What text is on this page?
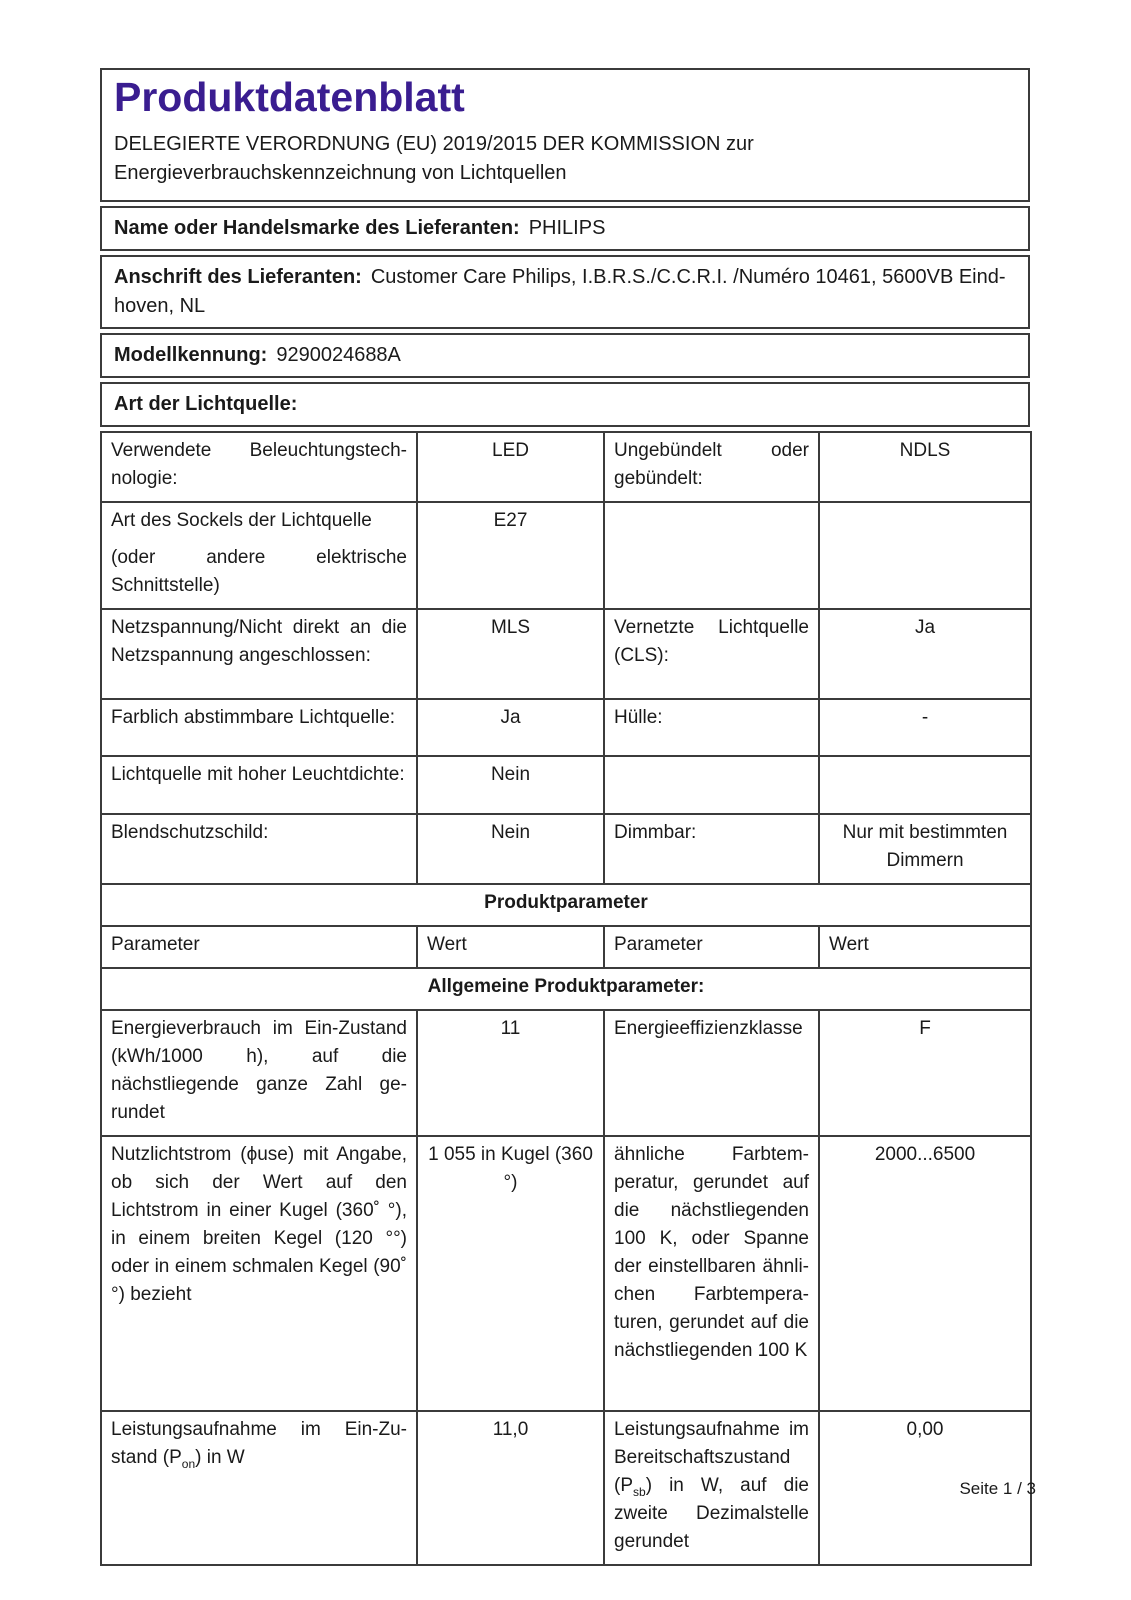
Produktdatenblatt

DELEGIERTE VERORDNUNG (EU) 2019/2015 DER KOMMISSION zur Energieverbrauchskennzeichnung von Lichtquellen

Name oder Handelsmarke des Lieferanten: PHILIPS
Anschrift des Lieferanten: Customer Care Philips, I.B.R.S./C.C.R.I. /Numéro 10461, 5600VB Eindhoven, NL
Modellkennung: 9290024688A
Art der Lichtquelle:
Verwendete Beleuchtungstechnologie:	LED	Ungebündelt oder gebündelt:	NDLS

Art des Sockels der Lichtquelle

(oder andere elektrische Schnittstelle)	E27		
Netzspannung/Nicht direkt an die Netzspannung angeschlossen:	MLS	Vernetzte Lichtquelle (CLS):	Ja
Farblich abstimmbare Lichtquelle:	Ja	Hülle:	-
Lichtquelle mit hoher Leuchtdichte:	Nein		
Blendschutzschild:	Nein	Dimmbar:	Nur mit bestimmten Dimmern
Produktparameter			
Parameter	Wert	Parameter	Wert
Allgemeine Produktparameter:			
Energieverbrauch im Ein-Zustand (kWh/1000 h), auf die nächstliegende ganze Zahl gerundet	11	Energieeffizienzklasse	F
Nutzlichtstrom (ϕuse) mit Angabe, ob sich der Wert auf den Lichtstrom in einer Kugel (360˚ °), in einem breiten Kegel (120 °°) oder in einem schmalen Kegel (90˚ °) bezieht	1 055 in Kugel (360 °)	ähnliche Farbtemperatur, gerundet auf die nächstliegenden 100 K, oder Spanne der einstellbaren ähnlichen Farbtemperaturen, gerundet auf die nächstliegenden 100 K	2000...6500
Leistungsaufnahme im Ein-Zustand $(P_{on})$ in W	11,0	Leistungsaufnahme im Bereitschaftszustand $(P_{sb})$ in W, auf die zweite Dezimalstelle gerundet	0,00
Seite 1 / 3
